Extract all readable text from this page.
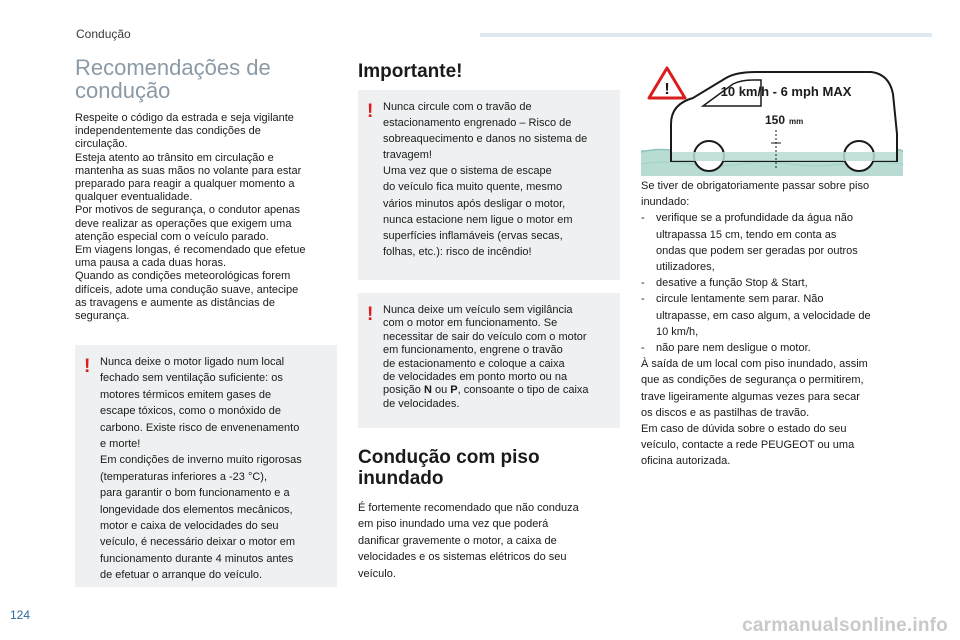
Condução
Recomendações de
condução
Respeite o código da estrada e seja vigilante
independentemente das condições de
circulação.
Esteja atento ao trânsito em circulação e
mantenha as suas mãos no volante para estar
preparado para reagir a qualquer momento a
qualquer eventualidade.
Por motivos de segurança, o condutor apenas
deve realizar as operações que exigem uma
atenção especial com o veículo parado.
Em viagens longas, é recomendado que efetue
uma pausa a cada duas horas.
Quando as condições meteorológicas forem
difíceis, adote uma condução suave, antecipe
as travagens e aumente as distâncias de
segurança.
! Nunca deixe o motor ligado num local
fechado sem ventilação suficiente: os
motores térmicos emitem gases de
escape tóxicos, como o monóxido de
carbono. Existe risco de envenenamento
e morte!
Em condições de inverno muito rigorosas
(temperaturas inferiores a -23 °C),
para garantir o bom funcionamento e a
longevidade dos elementos mecânicos,
motor e caixa de velocidades do seu
veículo, é necessário deixar o motor em
funcionamento durante 4 minutos antes
de efetuar o arranque do veículo.
Importante!
! Nunca circule com o travão de
estacionamento engrenado – Risco de
sobreaquecimento e danos no sistema de
travagem!
Uma vez que o sistema de escape
do veículo fica muito quente, mesmo
vários minutos após desligar o motor,
nunca estacione nem ligue o motor em
superfícies inflamáveis (ervas secas,
folhas, etc.): risco de incêndio!
! Nunca deixe um veículo sem vigilância
com o motor em funcionamento. Se
necessitar de sair do veículo com o motor
em funcionamento, engrene o travão
de estacionamento e coloque a caixa
de velocidades em ponto morto ou na
posição N ou P, consoante o tipo de caixa
de velocidades.
Condução com piso
inundado
É fortemente recomendado que não conduza
em piso inundado uma vez que poderá
danificar gravemente o motor, a caixa de
velocidades e os sistemas elétricos do seu
veículo.
!	10 km/h - 6 mph MAX
150 mm
Se tiver de obrigatoriamente passar sobre piso
inundado:
-	verifique se a profundidade da água não
ultrapassa 15 cm, tendo em conta as
ondas que podem ser geradas por outros
utilizadores,
-	desative a função Stop & Start,
-	circule lentamente sem parar. Não
ultrapasse, em caso algum, a velocidade de
10 km/h,
-	não pare nem desligue o motor.
À saída de um local com piso inundado, assim
que as condições de segurança o permitirem,
trave ligeiramente algumas vezes para secar
os discos e as pastilhas de travão.
Em caso de dúvida sobre o estado do seu
veículo, contacte a rede PEUGEOT ou uma
oficina autorizada.
124	carmanualsonline.info
